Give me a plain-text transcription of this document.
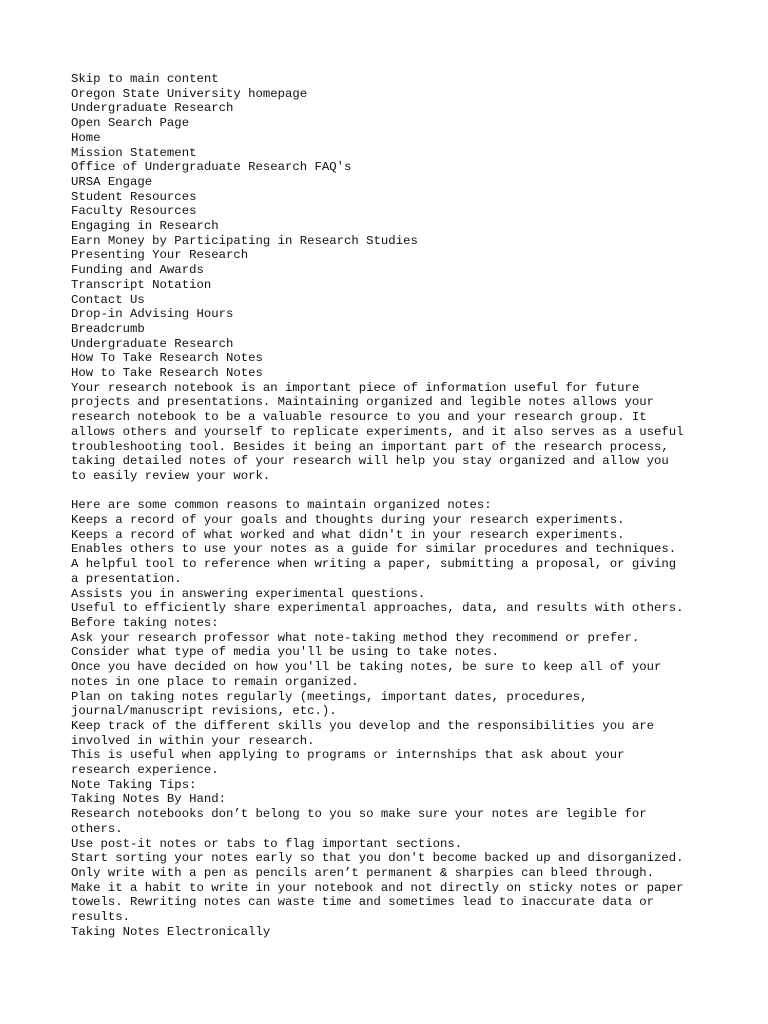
Skip to main content
Oregon State University homepage
Undergraduate Research
Open Search Page
Home
Mission Statement
Office of Undergraduate Research FAQ's
URSA Engage
Student Resources
Faculty Resources
Engaging in Research
Earn Money by Participating in Research Studies
Presenting Your Research
Funding and Awards
Transcript Notation
Contact Us
Drop-in Advising Hours
Breadcrumb
Undergraduate Research
How To Take Research Notes
How to Take Research Notes
Your research notebook is an important piece of information useful for future
projects and presentations. Maintaining organized and legible notes allows your
research notebook to be a valuable resource to you and your research group. It
allows others and yourself to replicate experiments, and it also serves as a useful
troubleshooting tool. Besides it being an important part of the research process,
taking detailed notes of your research will help you stay organized and allow you
to easily review your work.
Here are some common reasons to maintain organized notes:
Keeps a record of your goals and thoughts during your research experiments.
Keeps a record of what worked and what didn't in your research experiments.
Enables others to use your notes as a guide for similar procedures and techniques.
A helpful tool to reference when writing a paper, submitting a proposal, or giving
a presentation.
Assists you in answering experimental questions.
Useful to efficiently share experimental approaches, data, and results with others.
Before taking notes:
Ask your research professor what note-taking method they recommend or prefer.
Consider what type of media you'll be using to take notes.
Once you have decided on how you'll be taking notes, be sure to keep all of your
notes in one place to remain organized.
Plan on taking notes regularly (meetings, important dates, procedures,
journal/manuscript revisions, etc.).
Keep track of the different skills you develop and the responsibilities you are
involved in within your research.
This is useful when applying to programs or internships that ask about your
research experience.
Note Taking Tips:
Taking Notes By Hand:
Research notebooks don’t belong to you so make sure your notes are legible for
others.
Use post-it notes or tabs to flag important sections.
Start sorting your notes early so that you don't become backed up and disorganized.
Only write with a pen as pencils aren’t permanent & sharpies can bleed through.
Make it a habit to write in your notebook and not directly on sticky notes or paper
towels. Rewriting notes can waste time and sometimes lead to inaccurate data or
results.
Taking Notes Electronically
